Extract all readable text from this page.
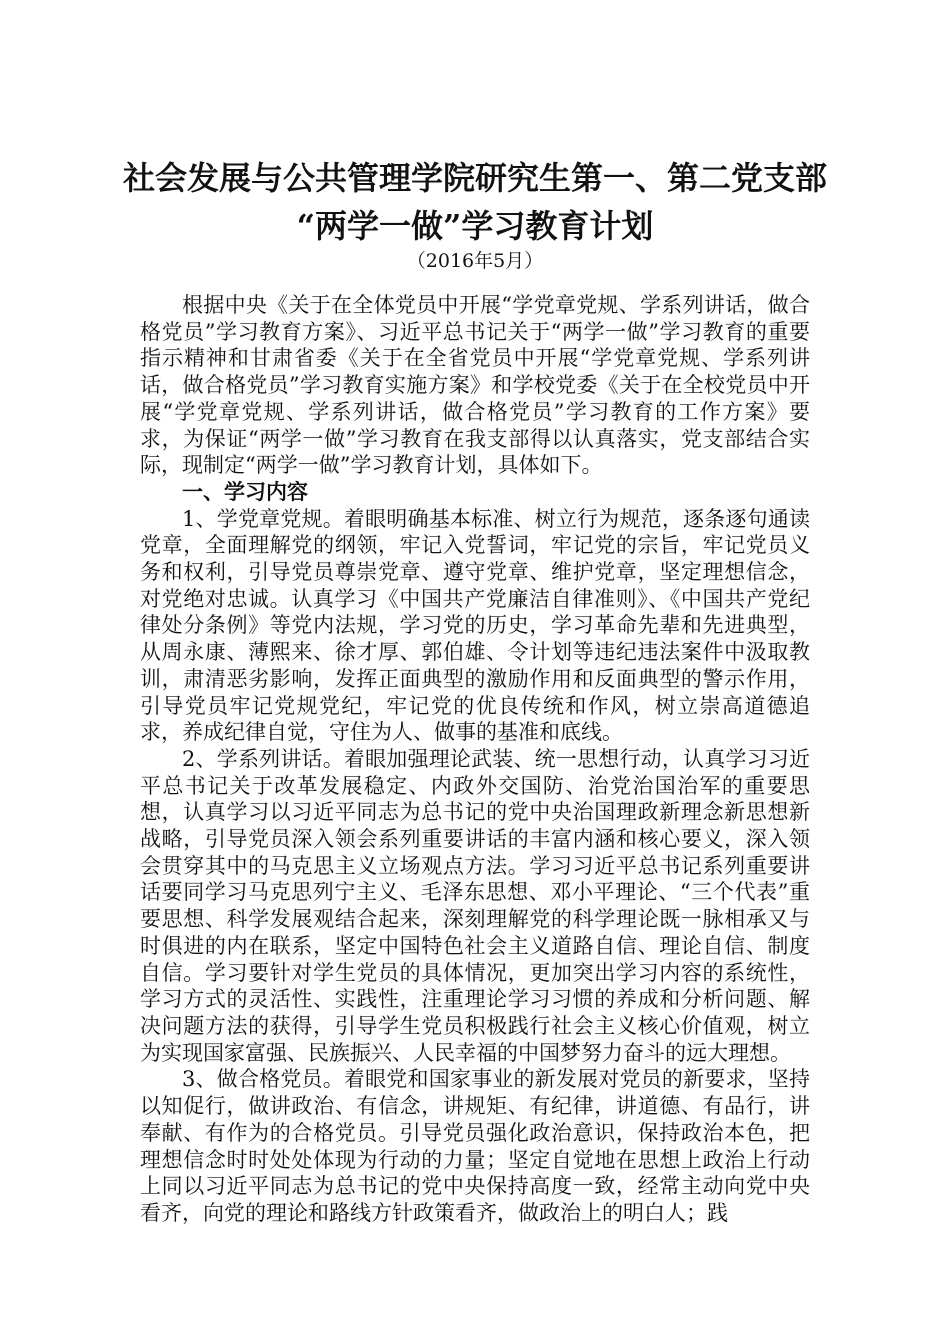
社会发展与公共管理学院研究生第一、第二党支部
“两学一做”学习教育计划
（2016年5月）

根据中央《关于在全体党员中开展“学党章党规、学系列讲话，做合格党员”学习教育方案》、习近平总书记关于“两学一做”学习教育的重要指示精神和甘肃省委《关于在全省党员中开展“学党章党规、学系列讲话，做合格党员”学习教育实施方案》和学校党委《关于在全校党员中开展“学党章党规、学系列讲话，做合格党员”学习教育的工作方案》要求，为保证“两学一做”学习教育在我支部得以认真落实，党支部结合实际，现制定“两学一做”学习教育计划，具体如下。

一、学习内容

1、学党章党规。着眼明确基本标准、树立行为规范，逐条逐句通读党章，全面理解党的纲领，牢记入党誓词，牢记党的宗旨，牢记党员义务和权利，引导党员尊崇党章、遵守党章、维护党章，坚定理想信念，对党绝对忠诚。认真学习《中国共产党廉洁自律准则》、《中国共产党纪律处分条例》等党内法规，学习党的历史，学习革命先辈和先进典型，从周永康、薄熙来、徐才厚、郭伯雄、令计划等违纪违法案件中汲取教训，肃清恶劣影响，发挥正面典型的激励作用和反面典型的警示作用，引导党员牢记党规党纪，牢记党的优良传统和作风，树立崇高道德追求，养成纪律自觉，守住为人、做事的基准和底线。

2、学系列讲话。着眼加强理论武装、统一思想行动，认真学习习近平总书记关于改革发展稳定、内政外交国防、治党治国治军的重要思想，认真学习以习近平同志为总书记的党中央治国理政新理念新思想新战略，引导党员深入领会系列重要讲话的丰富内涵和核心要义，深入领会贯穿其中的马克思主义立场观点方法。学习习近平总书记系列重要讲话要同学习马克思列宁主义、毛泽东思想、邓小平理论、“三个代表”重要思想、科学发展观结合起来，深刻理解党的科学理论既一脉相承又与时俱进的内在联系，坚定中国特色社会主义道路自信、理论自信、制度自信。学习要针对学生党员的具体情况，更加突出学习内容的系统性，学习方式的灵活性、实践性，注重理论学习习惯的养成和分析问题、解决问题方法的获得，引导学生党员积极践行社会主义核心价值观，树立为实现国家富强、民族振兴、人民幸福的中国梦努力奋斗的远大理想。

3、做合格党员。着眼党和国家事业的新发展对党员的新要求，坚持以知促行，做讲政治、有信念，讲规矩、有纪律，讲道德、有品行，讲奉献、有作为的合格党员。引导党员强化政治意识，保持政治本色，把理想信念时时处处体现为行动的力量；坚定自觉地在思想上政治上行动上同以习近平同志为总书记的党中央保持高度一致，经常主动向党中央看齐，向党的理论和路线方针政策看齐，做政治上的明白人；践
